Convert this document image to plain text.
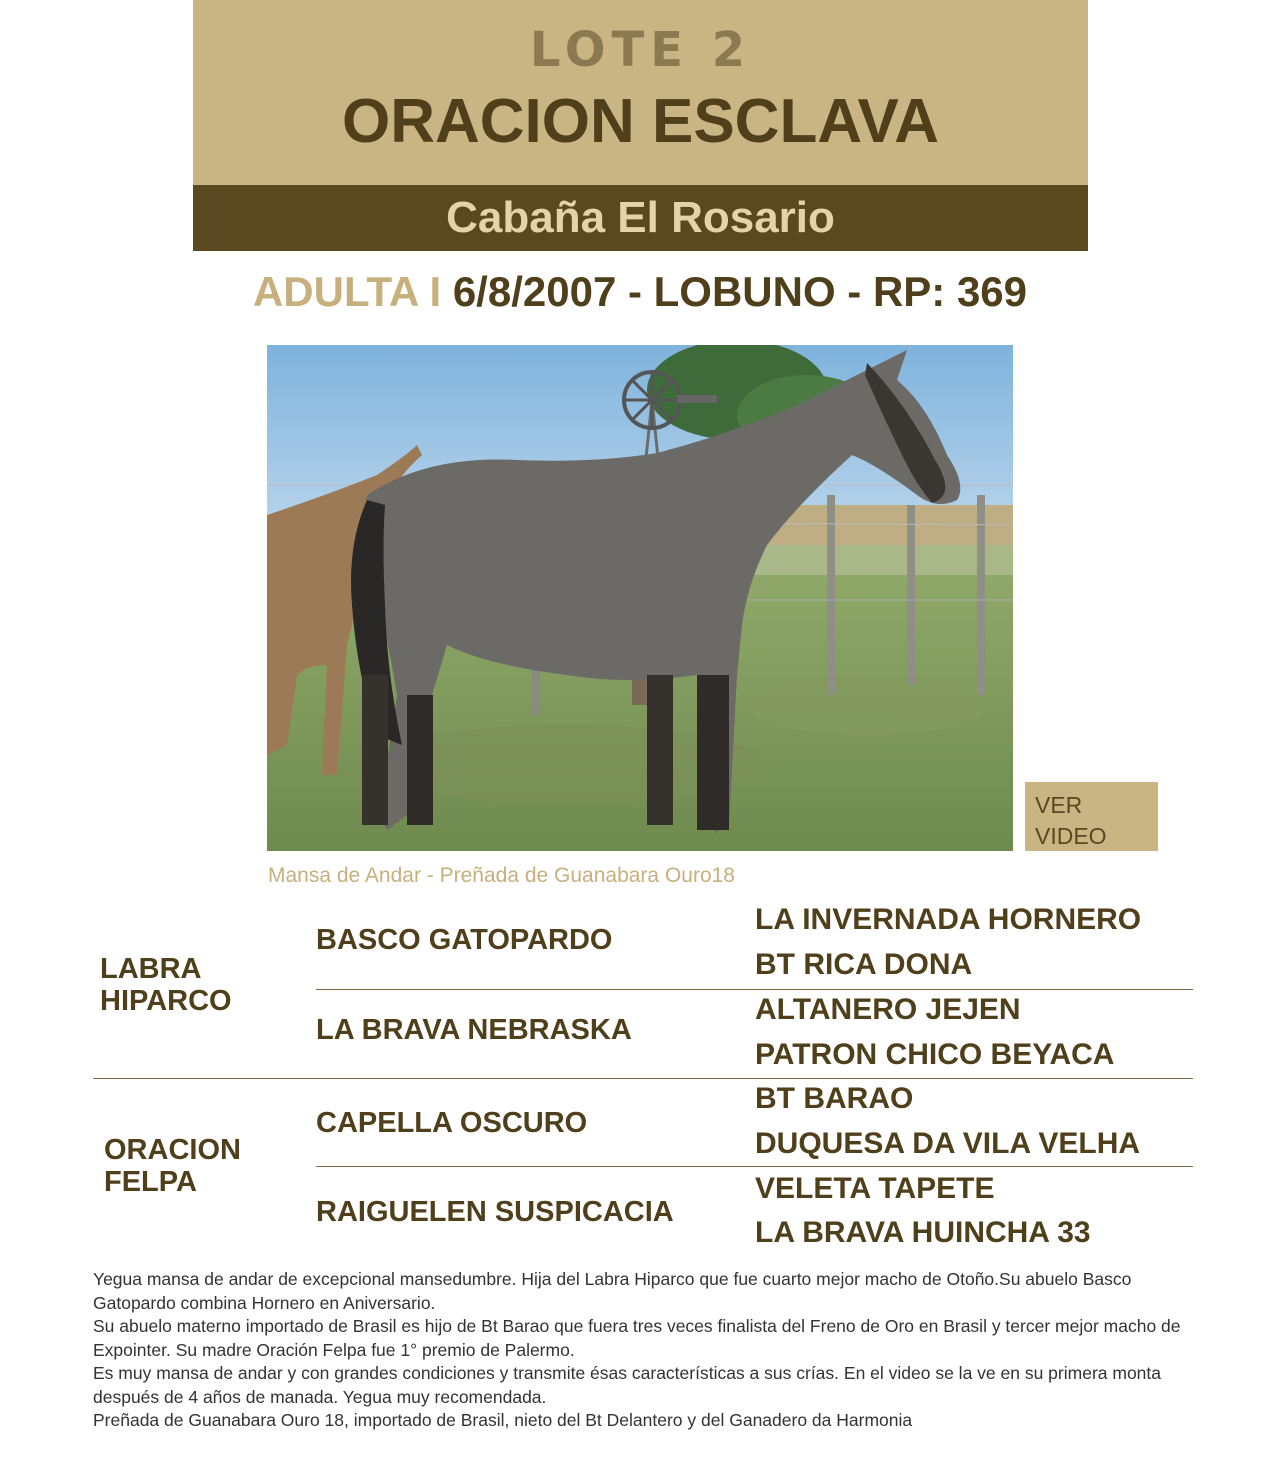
LOTE 2
ORACION ESCLAVA
Cabaña El Rosario
ADULTA I 6/8/2007 - LOBUNO - RP: 369
VER
VIDEO
Mansa de Andar - Preñada de Guanabara Ouro18
LABRA
HIPARCO
BASCO GATOPARDO
LA INVERNADA HORNERO
BT RICA DONA
LA BRAVA NEBRASKA
ALTANERO JEJEN
PATRON CHICO BEYACA
ORACION
FELPA
CAPELLA OSCURO
BT BARAO
DUQUESA DA VILA VELHA
RAIGUELEN SUSPICACIA
VELETA TAPETE
LA BRAVA HUINCHA 33

Yegua mansa de andar de excepcional mansedumbre. Hija del Labra Hiparco que fue cuarto mejor macho de Otoño.Su abuelo Basco Gatopardo combina Hornero en Aniversario.

Su abuelo materno importado de Brasil es hijo de Bt Barao que fuera tres veces finalista del Freno de Oro en Brasil y tercer mejor macho de Expointer. Su madre Oración Felpa fue 1° premio de Palermo.

Es muy mansa de andar y con grandes condiciones y transmite ésas características a sus crías. En el video se la ve en su primera monta después de 4 años de manada. Yegua muy recomendada.

Preñada de Guanabara Ouro 18, importado de Brasil, nieto del Bt Delantero y del Ganadero da Harmonia
